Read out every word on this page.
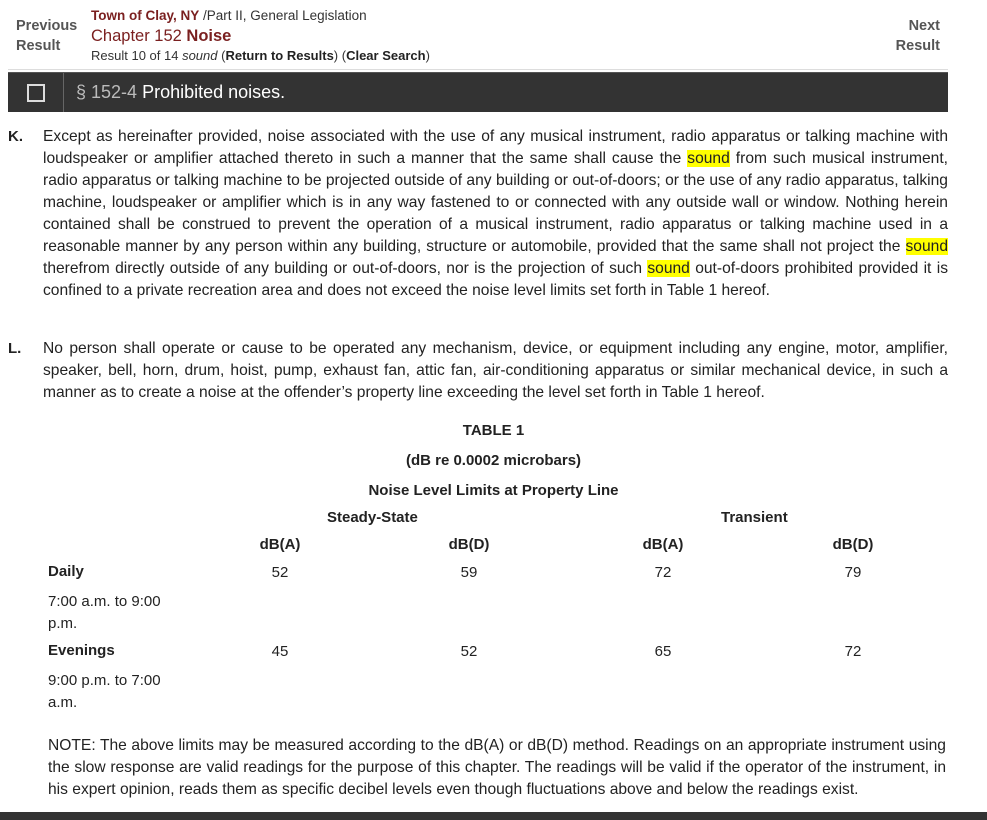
Previous
Result
Town of Clay, NY /Part II, General Legislation
Chapter 152 Noise
Result 10 of 14 sound (Return to Results) (Clear Search)
Next
Result
§ 152-4 Prohibited noises.
K. Except as hereinafter provided, noise associated with the use of any musical instrument, radio apparatus or talking machine with loudspeaker or amplifier attached thereto in such a manner that the same shall cause the sound from such musical instrument, radio apparatus or talking machine to be projected outside of any building or out-of-doors; or the use of any radio apparatus, talking machine, loudspeaker or amplifier which is in any way fastened to or connected with any outside wall or window. Nothing herein contained shall be construed to prevent the operation of a musical instrument, radio apparatus or talking machine used in a reasonable manner by any person within any building, structure or automobile, provided that the same shall not project the sound therefrom directly outside of any building or out-of-doors, nor is the projection of such sound out-of-doors prohibited provided it is confined to a private recreation area and does not exceed the noise level limits set forth in Table 1 hereof.
L. No person shall operate or cause to be operated any mechanism, device, or equipment including any engine, motor, amplifier, speaker, bell, horn, drum, hoist, pump, exhaust fan, attic fan, air-conditioning apparatus or similar mechanical device, in such a manner as to create a noise at the offender’s property line exceeding the level set forth in Table 1 hereof.
TABLE 1
(dB re 0.0002 microbars)
Noise Level Limits at Property Line
Steady-State	Transient
dB(A)	dB(D)	dB(A)	dB(D)
Daily	52	59	72	79
7:00 a.m. to 9:00
p.m.
Evenings	45	52	65	72
9:00 p.m. to 7:00
a.m.
NOTE: The above limits may be measured according to the dB(A) or dB(D) method. Readings on an appropriate instrument using the slow response are valid readings for the purpose of this chapter. The readings will be valid if the operator of the instrument, in his expert opinion, reads them as specific decibel levels even though fluctuations above and below the readings exist.
